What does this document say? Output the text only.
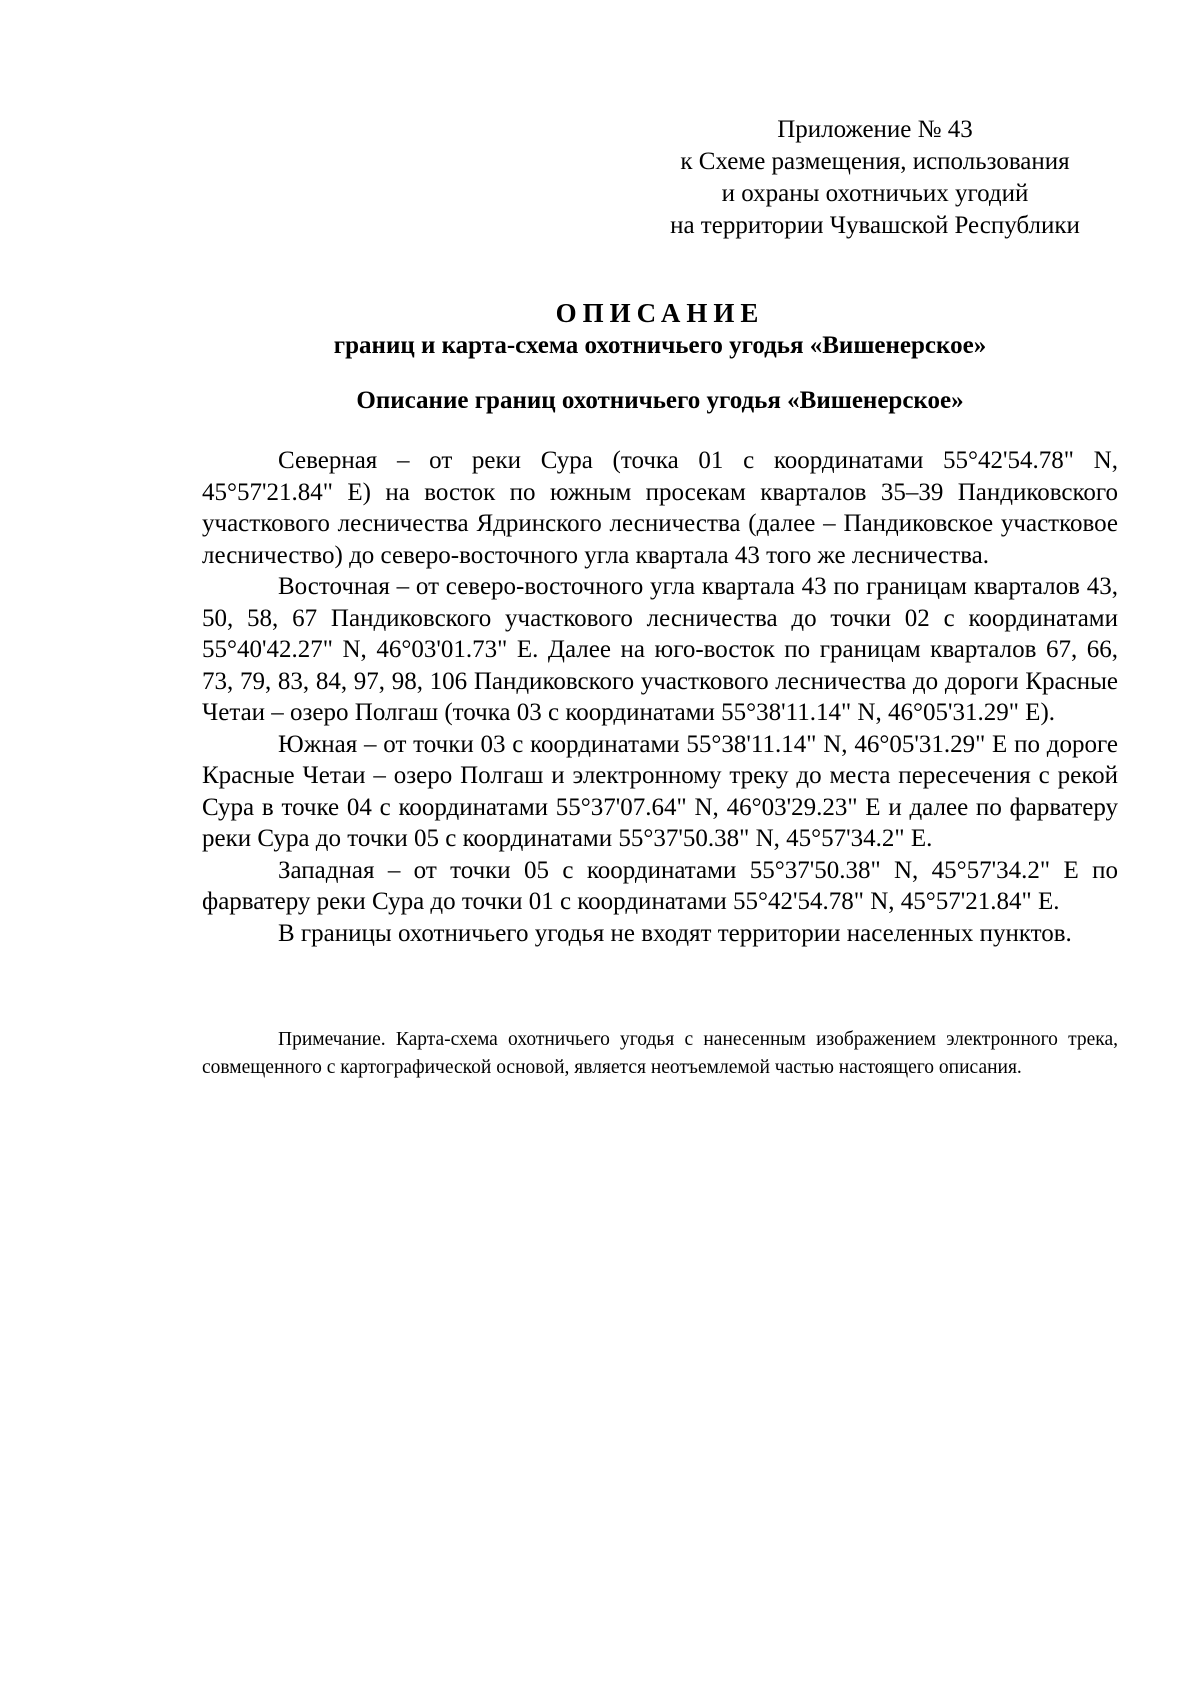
Приложение № 43
к Схеме размещения, использования
и охраны охотничьих угодий
на территории Чувашской Республики
ОПИСАНИЕ
границ и карта-схема охотничьего угодья «Вишенерское»
Описание границ охотничьего угодья «Вишенерское»

Северная – от реки Сура (точка 01 с координатами 55°42'54.78" N, 45°57'21.84" E) на восток по южным просекам кварталов 35–39 Пандиковского участкового лесничества Ядринского лесничества (далее – Пандиковское участковое лесничество) до северо-восточного угла квартала 43 того же лесничества.

Восточная – от северо-восточного угла квартала 43 по границам кварталов 43, 50, 58, 67 Пандиковского участкового лесничества до точки 02 с координатами 55°40'42.27" N, 46°03'01.73" E. Далее на юго-восток по границам кварталов 67, 66, 73, 79, 83, 84, 97, 98, 106 Пандиковского участкового лесничества до дороги Красные Четаи – озеро Полгаш (точка 03 с координатами 55°38'11.14" N, 46°05'31.29" E).

Южная – от точки 03 с координатами 55°38'11.14" N, 46°05'31.29" E по дороге Красные Четаи – озеро Полгаш и электронному треку до места пересечения с рекой Сура в точке 04 с координатами 55°37'07.64" N, 46°03'29.23" E и далее по фарватеру реки Сура до точки 05 с координатами 55°37'50.38" N, 45°57'34.2" E.

Западная – от точки 05 с координатами 55°37'50.38" N, 45°57'34.2" E по фарватеру реки Сура до точки 01 с координатами 55°42'54.78" N, 45°57'21.84" E.

В границы охотничьего угодья не входят территории населенных пунктов.

Примечание. Карта-схема охотничьего угодья с нанесенным изображением электронного трека, совмещенного с картографической основой, является неотъемлемой частью настоящего описания.
